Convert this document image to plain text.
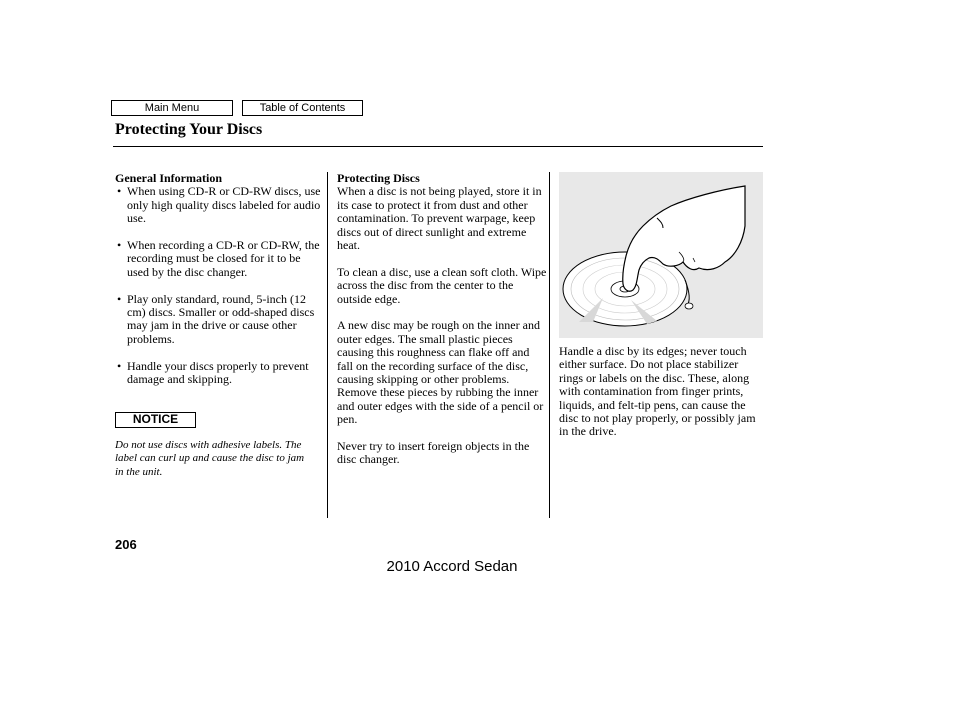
Main Menu	Table of Contents
Protecting Your Discs

General Information

• When using CD-R or CD-RW discs, use only high quality discs labeled for audio use.
• When recording a CD-R or CD-RW, the recording must be closed for it to be used by the disc changer.
• Play only standard, round, 5-inch (12 cm) discs. Smaller or odd-shaped discs may jam in the drive or cause other problems.
• Handle your discs properly to prevent damage and skipping.
NOTICE
Do not use discs with adhesive labels. The label can curl up and cause the disc to jam in the unit.

Protecting Discs

When a disc is not being played, store it in its case to protect it from dust and other contamination. To prevent warpage, keep discs out of direct sunlight and extreme heat.

To clean a disc, use a clean soft cloth. Wipe across the disc from the center to the outside edge.

A new disc may be rough on the inner and outer edges. The small plastic pieces causing this roughness can flake off and fall on the recording surface of the disc, causing skipping or other problems. Remove these pieces by rubbing the inner and outer edges with the side of a pencil or pen.

Never try to insert foreign objects in the disc changer.

Handle a disc by its edges; never touch either surface. Do not place stabilizer rings or labels on the disc. These, along with contamination from finger prints, liquids, and felt-tip pens, can cause the disc to not play properly, or possibly jam in the drive.

206
2010 Accord Sedan
